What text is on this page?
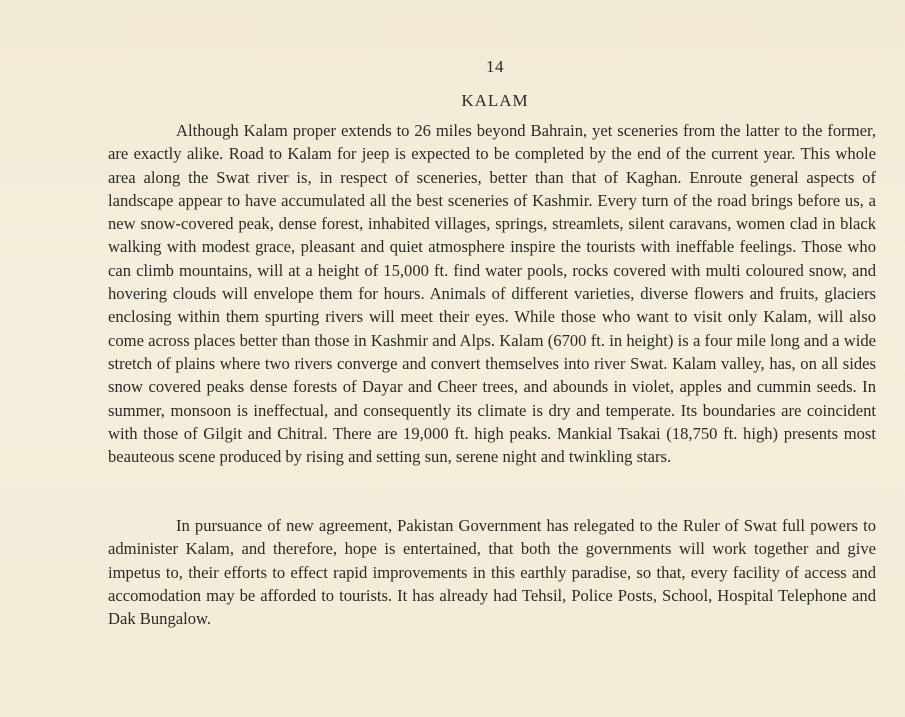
14
KALAM

Although Kalam proper extends to 26 miles beyond Bahrain, yet sceneries from the latter to the former, are exactly alike. Road to Kalam for jeep is expected to be completed by the end of the current year. This whole area along the Swat river is, in respect of sceneries, better than that of Kaghan. Enroute general aspects of landscape appear to have accumulated all the best sceneries of Kashmir. Every turn of the road brings before us, a new snow-covered peak, dense forest, inhabited villages, springs, streamlets, silent caravans, women clad in black walking with modest grace, pleasant and quiet atmosphere inspire the tourists with ineffable feelings. Those who can climb mountains, will at a height of 15,000 ft. find water pools, rocks covered with multi coloured snow, and hovering clouds will envelope them for hours. Animals of different varieties, diverse flowers and fruits, glaciers enclosing within them spurting rivers will meet their eyes. While those who want to visit only Kalam, will also come across places better than those in Kashmir and Alps. Kalam (6700 ft. in height) is a four mile long and a wide stretch of plains where two rivers converge and convert themselves into river Swat. Kalam valley, has, on all sides snow covered peaks dense forests of Dayar and Cheer trees, and abounds in violet, apples and cummin seeds. In summer, monsoon is ineffectual, and consequently its climate is dry and temperate. Its boundaries are coincident with those of Gilgit and Chitral. There are 19,000 ft. high peaks. Mankial Tsakai (18,750 ft. high) presents most beauteous scene produced by rising and setting sun, serene night and twinkling stars.

In pursuance of new agreement, Pakistan Government has relegated to the Ruler of Swat full powers to administer Kalam, and therefore, hope is entertained, that both the governments will work together and give impetus to, their efforts to effect rapid improvements in this earthly paradise, so that, every facility of access and accomodation may be afforded to tourists. It has already had Tehsil, Police Posts, School, Hospital Telephone and Dak Bungalow.
